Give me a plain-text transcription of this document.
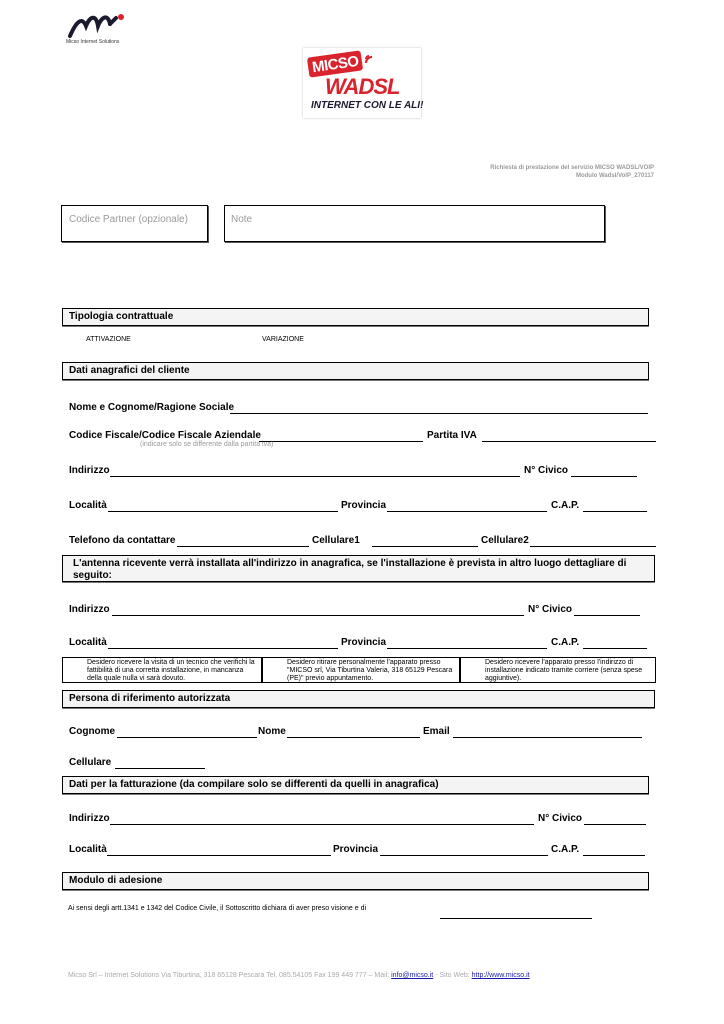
Micso Internet Solutions
MICSO
WADSL
INTERNET CON LE ALI!
Richiesta di prestazione del servizio MICSO WADSL/VOIP
Modulo Wadsl/VoIP_270117
Codice Partner (opzionale)	Note
Tipologia contrattuale
ATTIVAZIONE	VARIAZIONE
Dati anagrafici del cliente
Nome e Cognome/Ragione Sociale
Codice Fiscale/Codice Fiscale Aziendale	Partita IVA
(indicare solo se differente dalla partita iva)
Indirizzo	N° Civico
Località	Provincia	C.A.P.
Telefono da contattare	Cellulare1	Cellulare2
L'antenna ricevente verrà installata all'indirizzo in anagrafica, se l'installazione è prevista in altro luogo dettagliare di seguito:
Indirizzo	N° Civico
Località	Provincia	C.A.P.
Desidero ricevere la visita di un tecnico che verifichi la fattibilità di una corretta installazione, in mancanza della quale nulla vi sarà dovuto.
Desidero ritirare personalmente l'apparato presso "MICSO srl, Via Tiburtina Valeria, 318 65129 Pescara (PE)" previo appuntamento.
Desidero ricevere l'apparato presso l'indirizzo di installazione indicato tramite corriere (senza spese aggiuntive).
Persona di riferimento autorizzata
Cognome	Nome	Email
Cellulare
Dati per la fatturazione (da compilare solo se differenti da quelli in anagrafica)
Indirizzo	N° Civico
Località	Provincia	C.A.P.
Modulo di adesione
Ai sensi degli artt.1341 e 1342 del Codice Civile, il Sottoscritto dichiara di aver preso visione e di
Micso Srl – Internet Solutions Via Tiburtina, 318 65128 Pescara Tel. 085.54105 Fax 199 449 777 – Mail: info@micso.it - Sito Web: http://www.micso.it
